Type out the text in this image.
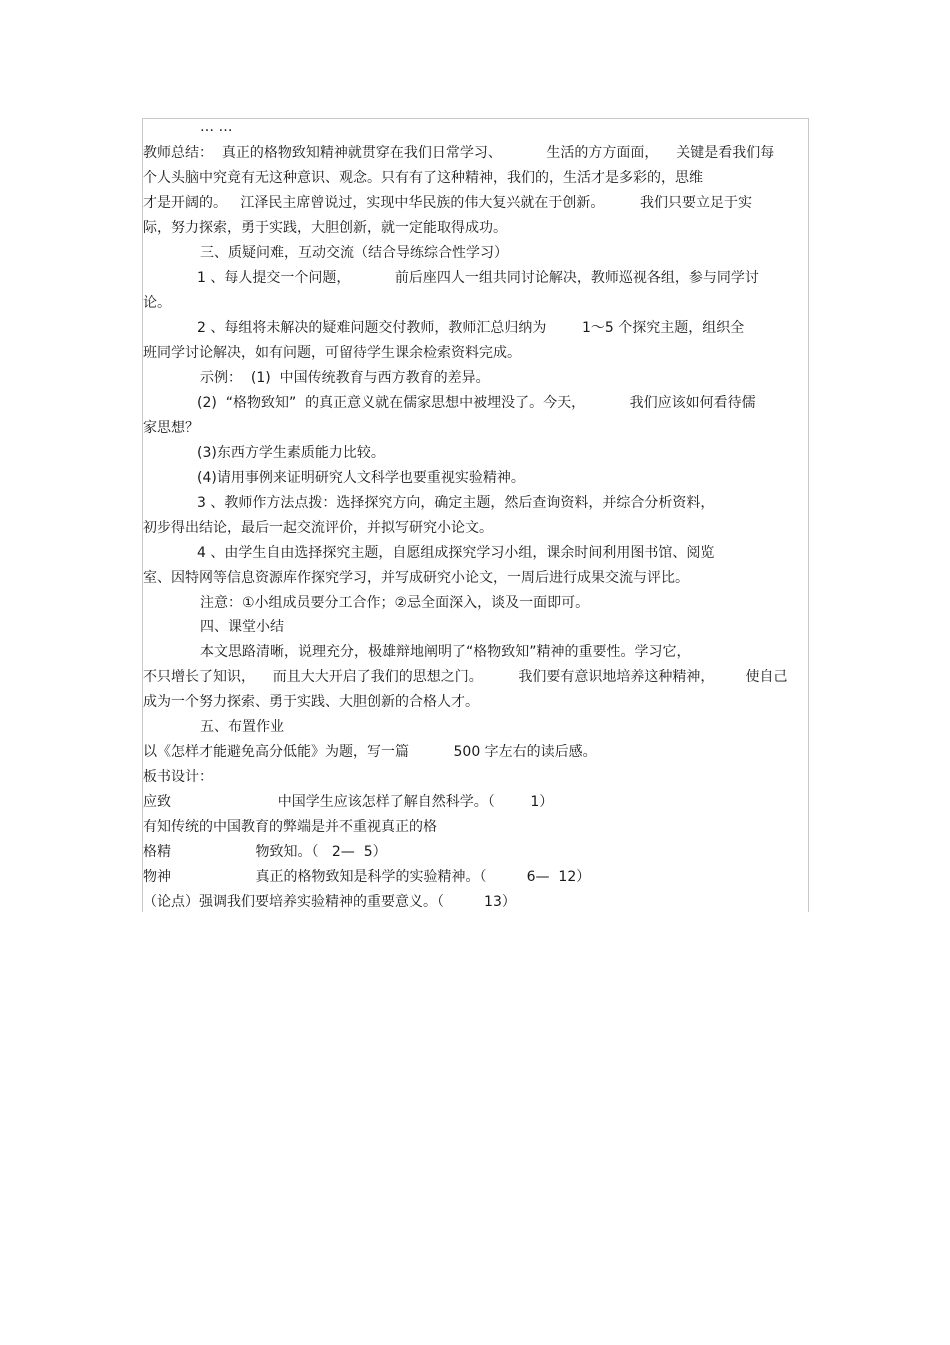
… …
教师总结：  真正的格物致知精神就贯穿在我们日常学习、          生活的方方面面，    关键是看我们每
个人头脑中究竟有无这种意识、观念。只有有了这种精神，我们的，生活才是多彩的，思维
才是开阔的。   江泽民主席曾说过，实现中华民族的伟大复兴就在于创新。        我们只要立足于实
际，努力探索，勇于实践，大胆创新，就一定能取得成功。
三、质疑问难，互动交流（结合导练综合性学习）
1 、每人提交一个问题，          前后座四人一组共同讨论解决，教师巡视各组，参与同学讨
论。
2 、每组将未解决的疑难问题交付教师，教师汇总归纳为        1～5 个探究主题，组织全
班同学讨论解决，如有问题，可留待学生课余检索资料完成。
示例：  (1)  中国传统教育与西方教育的差异。
(2)  “格物致知”  的真正意义就在儒家思想中被埋没了。今天，          我们应该如何看待儒
家思想？
(3)东西方学生素质能力比较。
(4)请用事例来证明研究人文科学也要重视实验精神。
3 、教师作方法点拨：选择探究方向，确定主题，然后查询资料，并综合分析资料，
初步得出结论，最后一起交流评价，并拟写研究小论文。
4 、由学生自由选择探究主题，自愿组成探究学习小组，课余时间利用图书馆、阅览
室、因特网等信息资源库作探究学习，并写成研究小论文，一周后进行成果交流与评比。
注意：①小组成员要分工合作；②忌全面深入，谈及一面即可。
四、课堂小结
本文思路清晰，说理充分，极雄辩地阐明了“格物致知”精神的重要性。学习它，
不只增长了知识，    而且大大开启了我们的思想之门。        我们要有意识地培养这种精神，       使自己
成为一个努力探索、勇于实践、大胆创新的合格人才。
五、布置作业
以《怎样才能避免高分低能》为题，写一篇          500 字左右的读后感。
板书设计：
应致                        中国学生应该怎样了解自然科学。（        1）
有知传统的中国教育的弊端是并不重视真正的格
格精                   物致知。（   2—  5）
物神                   真正的格物致知是科学的实验精神。（         6—  12）
（论点）强调我们要培养实验精神的重要意义。（         13）
